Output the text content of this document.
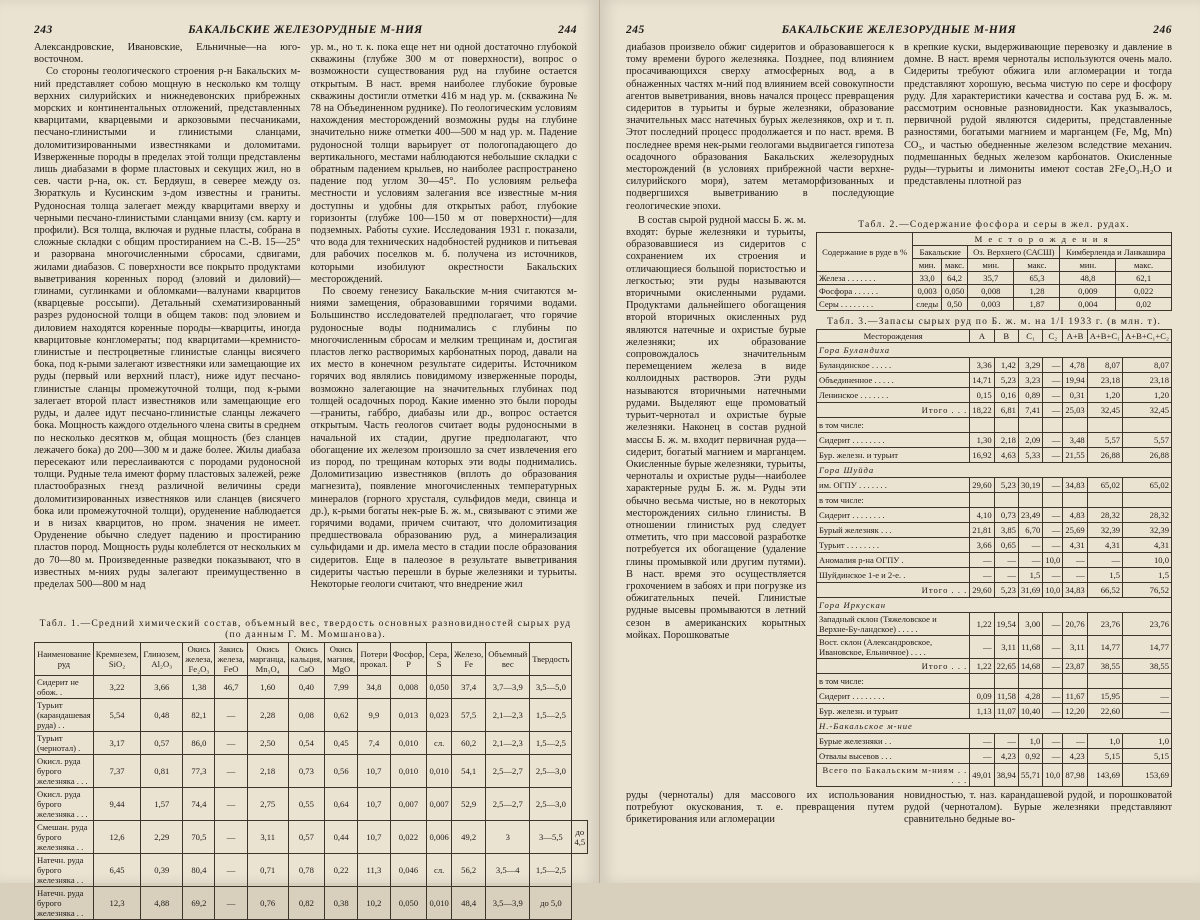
243	БАКАЛЬСКИЕ ЖЕЛЕЗОРУДНЫЕ М-НИЯ	244

Александровские, Ивановские, Ельничные—на юго-восточном.

Со стороны геологического строения р-н Бакальских м-ний представляет собою мощную в несколько км толщу верхних силурийских и нижнедевонских прибрежных морских и континентальных отложений, представленных кварцитами, кварцевыми и аркозовыми песчаниками, песчано-глинистыми и глинистыми сланцами, доломитизированными известняками и доломитами. Изверженные породы в пределах этой толщи представлены лишь диабазами в форме пластовых и секущих жил, но в сев. части р-на, ок. ст. Бердяуш, в северее между оз. Зюраткуль и Кусинским з-дом известны и граниты. Рудоносная толща залегает между кварцитами вверху и черными песчано-глинистыми сланцами внизу (см. карту и профили). Вся толща, включая и рудные пласты, собрана в сложные складки с общим простиранием на С.-В. 15—25° и разорвана многочисленными сбросами, сдвигами, жилами диабазов. С поверхности все покрыто продуктами выветривания коренных пород (эловий и диловий)—глинами, суглинками и обломками—валунами кварцитов (кварцевые россыпи). Детальный схематизированный разрез рудоносной толщи в общем таков: под эловием и диловием находятся коренные породы—кварциты, иногда кварцитовые конгломераты; под кварцитами—кремнисто-глинистые и пестроцветные глинистые сланцы висячего бока, под к-рыми залегают известняки или замещающие их руды (первый или верхний пласт), ниже идут песчано-глинистые сланцы промежуточной толщи, под к-рыми залегает второй пласт известняков или замещающие его руды, и далее идут песчано-глинистые сланцы лежачего бока. Мощность каждого отдельного члена свиты в среднем по несколько десятков м, общая мощность (без сланцев лежачего бока) до 200—300 м и даже более. Жилы диабаза пересекают или переслаиваются с породами рудоносной толщи. Рудные тела имеют форму пластовых залежей, реже пластообразных гнезд различной величины среди доломитизированных известняков или сланцев (висячего бока или промежуточной толщи), оруденение наблюдается и в низах кварцитов, но пром. значения не имеет. Оруденение обычно следует падению и простиранию пластов пород. Мощность руды колеблется от нескольких м до 70—80 м. Произведенные разведки показывают, что в известных м-ниях руды залегают преимущественно в пределах 500—800 м над

ур. м., но т. к. пока еще нет ни одной достаточно глубокой скважины (глубже 300 м от поверхности), вопрос о возможности существования руд на глубине остается открытым. В наст. время наиболее глубокие буровые скважины достигли отметки 416 м над ур. м. (скважина № 78 на Объединенном руднике). По геологическим условиям нахождения месторождений возможны руды на глубине значительно ниже отметки 400—500 м над ур. м. Падение рудоносной толщи варьирует от пологопадающего до вертикального, местами наблюдаются небольшие складки с обратным падением крыльев, но наиболее распространено падение под углом 30—45°. По условиям рельефа местности и условиям залегания все известные м-ния доступны и удобны для открытых работ, глубокие горизонты (глубже 100—150 м от поверхности)—для подземных. Работы сухие. Исследования 1931 г. показали, что вода для технических надобностей рудников и питьевая для рабочих поселков м. б. получена из источников, которыми изобилуют окрестности Бакальских месторождений.

По своему генезису Бакальские м-ния считаются м-ниями замещения, образовавшими горячими водами. Большинство исследователей предполагает, что горячие рудоносные воды поднимались с глубины по многочисленным сбросам и мелким трещинам и, достигая пластов легко растворимых карбонатных пород, давали на их место в конечном результате сидериты. Источником горячих вод являлись повидимому изверженные породы, возможно залегающие на значительных глубинах под толщей осадочных пород. Какие именно это были породы—граниты, габбро, диабазы или др., вопрос остается открытым. Часть геологов считает воды рудоносными в начальной их стадии, другие предполагают, что обогащение их железом произошло за счет извлечения его из пород, по трещинам которых эти воды поднимались. Доломитизацию известняков (вплоть до образования магнезита), появление многочисленных температурных минералов (горного хрусталя, сульфидов меди, свинца и др.), к-рыми богаты нек-рые Б. ж. м., связывают с этими же горячими водами, причем считают, что доломитизация предшествовала образованию руд, а минерализация сульфидами и др. имела место в стадии после образования сидеритов. Еще в палеозое в результате выветривания сидериты частью перешли в бурые железняки и турьиты. Некоторые геологи считают, что внедрение жил

Табл. 1.—Средний химический состав, объемный вес, твердость основных разновидностей сырых руд (по данным Г. М. Момшанова).
Наименование руд	Кремнезем, SiO₂	Глинозем, Al₂O₃	Окись железа, Fe₂O₃	Закись железа, FeO	Окись марганца, Mn₃O₄	Окись кальция, CaO	Окись магния, MgO	Потери прокал.	Фосфор, P	Сера, S	Железо, Fe	Объемный вес	Твердость	
Сидерит не обож. .	3,22	3,66	1,38	46,7	1,60	0,40	7,99	34,8	0,008	0,050	37,4	3,7—3,9	3,5—5,0	
Турьит (карандашевая руда) . .	5,54	0,48	82,1	—	2,28	0,08	0,62	9,9	0,013	0,023	57,5	2,1—2,3	1,5—2,5	
Турьит (чернотал) .	3,17	0,57	86,0	—	2,50	0,54	0,45	7,4	0,010	сл.	60,2	2,1—2,3	1,5—2,5	
Окисл. руда бурого железняка . . .	7,37	0,81	77,3	—	2,18	0,73	0,56	10,7	0,010	0,010	54,1	2,5—2,7	2,5—3,0	
Окисл. руда бурого железняка . . .	9,44	1,57	74,4	—	2,75	0,55	0,64	10,7	0,007	0,007	52,9	2,5—2,7	2,5—3,0	
Смешан. руда бурого железняка . .	12,6	2,29	70,5	—	3,11	0,57	0,44	10,7	0,022	0,006	49,2	3	3—5,5	до 4,5
Натечн. руда бурого железняка . .	6,45	0,39	80,4	—	0,71	0,78	0,22	11,3	0,046	сл.	56,2	3,5—4	1,5—2,5	
Натечн. руда бурого железняка . .	12,3	4,88	69,2	—	0,76	0,82	0,38	10,2	0,050	0,010	48,4	3,5—3,9	до 5,0	
245	БАКАЛЬСКИЕ ЖЕЛЕЗОРУДНЫЕ М-НИЯ	246

диабазов произвело обжиг сидеритов и образовавшегося к тому времени бурого железняка. Позднее, под влиянием просачивающихся сверху атмосферных вод, а в обнаженных частях м-ний под влиянием всей совокупности агентов выветривания, вновь начался процесс превращения сидеритов в турьиты и бурые железняки, образование значительных масс натечных бурых железняков, охр и т. п. Этот последний процесс продолжается и по наст. время. В последнее время нек-рыми геологами выдвигается гипотеза осадочного образования Бакальских железорудных месторождений (в условиях прибрежной части верхне-силурийского моря), затем метаморфизованных и подвергшихся выветриванию в последующие геологические эпохи.

в крепкие куски, выдерживающие перевозку и давление в домне. В наст. время черноталы используются очень мало. Сидериты требуют обжига или агломерации и тогда представляют хорошую, весьма чистую по сере и фосфору руду. Для характеристики качества и состава руд Б. ж. м. рассмотрим основные разновидности. Как указывалось, первичной рудой являются сидериты, представленные разностями, богатыми магнием и марганцем (Fe, Mg, Mn) CO₃, и частью обедненные железом вследствие механич. подмешанных бедных железом карбонатов. Окисленные руды—турьиты и лимониты имеют состав 2Fe₂O₃.H₂O и представлены плотной раз

В состав сырой рудной массы Б. ж. м. входят: бурые железняки и турьиты, образовавшиеся из сидеритов с сохранением их строения и отличающиеся большой пористостью и легкостью; эти руды называются вторичными окисленными рудами. Продуктами дальнейшего обогащения второй вторичных окисленных руд являются натечные и охристые бурые железняки; их образование сопровождалось значительным перемещением железа в виде коллоидных растворов. Эти руды называются вторичными натечными рудами. Выделяют еще промоватый турьит-чернотал и охристые бурые железняки. Наконец в состав рудной массы Б. ж. м. входит первичная руда—сидерит, богатый магнием и марганцем. Окисленные бурые железняки, турьиты, черноталы и охристые руды—наиболее характерные руды Б. ж. м. Руды эти обычно весьма чистые, но в некоторых месторождениях сильно глинисты. В отношении глинистых руд следует отметить, что при массовой разработке потребуется их обогащение (удаление глины промывкой или другим путями). В наст. время это осуществляется грохочением в забоях и при погрузке из обжигательных печей. Глинистые рудные высевы промываются в летний сезон в американских корытных мойках. Порошковатые

Табл. 2.—Содержание фосфора и серы в жел. рудах.
Содержание в руде в %	М е с т о р о ж д е н и я					
	Бакальские		Оз. Верхнего (САСШ)		Кимберленда и Ланкашира	
	мин.	макс.	мин.	макс.	мин.	макс.
Железа . . . . . . .	33,0	64,2	35,7	65,3	48,8	62,1
Фосфора . . . . . .	0,003	0,050	0,008	1,28	0,009	0,022
Серы . . . . . . . .	следы	0,50	0,003	1,87	0,004	0,02
Табл. 3.—Запасы сырых руд по Б. ж. м. на 1/I 1933 г. (в млн. т).
Месторождения	A	B	C₁	C₂	A+B	A+B+C₁	A+B+C₁+C₂
Гора Буландиха							
Буландинское . . . . .	3,36	1,42	3,29	—	4,78	8,07	8,07
Объединенное . . . . .	14,71	5,23	3,23	—	19,94	23,18	23,18
Ленинское . . . . . . .	0,15	0,16	0,89	—	0,31	1,20	1,20
Итого . . .	18,22	6,81	7,41	—	25,03	32,45	32,45
в том числе:							
Сидерит . . . . . . . .	1,30	2,18	2,09	—	3,48	5,57	5,57
Бур. железн. и турьит	16,92	4,63	5,33	—	21,55	26,88	26,88
Гора Шуйда							
им. ОГПУ . . . . . . .	29,60	5,23	30,19	—	34,83	65,02	65,02
в том числе:							
Сидерит . . . . . . . .	4,10	0,73	23,49	—	4,83	28,32	28,32
Бурый железняк . . .	21,81	3,85	6,70	—	25,69	32,39	32,39
Турьит . . . . . . . .	3,66	0,65	—	—	4,31	4,31	4,31
Аномалия р-на ОГПУ .	—	—	—	10,0	—	—	10,0
Шуйдинское 1-е и 2-е. .	—	—	1,5	—	—	1,5	1,5
Итого . . .	29,60	5,23	31,69	10,0	34,83	66,52	76,52
Гора Иркускан							
Западный склон (Тяжеловское и Верхне-Бу-ландское) . . . . .	1,22	19,54	3,00	—	20,76	23,76	23,76
Вост. склон (Александровское, Ивановское, Ельничное) . . . .	—	3,11	11,68	—	3,11	14,77	14,77
Итого . . .	1,22	22,65	14,68	—	23,87	38,55	38,55
в том числе:							
Сидерит . . . . . . . .	0,09	11,58	4,28	—	11,67	15,95	—
Бур. железн. и турьит	1,13	11,07	10,40	—	12,20	22,60	—
Н.-Бакальское м-ние							
Бурые железняки . .	—	—	1,0	—	—	1,0	1,0
Отвалы высевов . . .	—	4,23	0,92	—	4,23	5,15	5,15
Всего по Бакальским м-ниям . . . . .	49,01	38,94	55,71	10,0	87,98	143,69	153,69

руды (черноталы) для массового их использования потребуют окускования, т. е. превращения путем брикетирования или агломерации

новидностью, т. наз. карандашевой рудой, и порошковатой рудой (черноталом). Бурые железняки представляют сравнительно бедные во-
